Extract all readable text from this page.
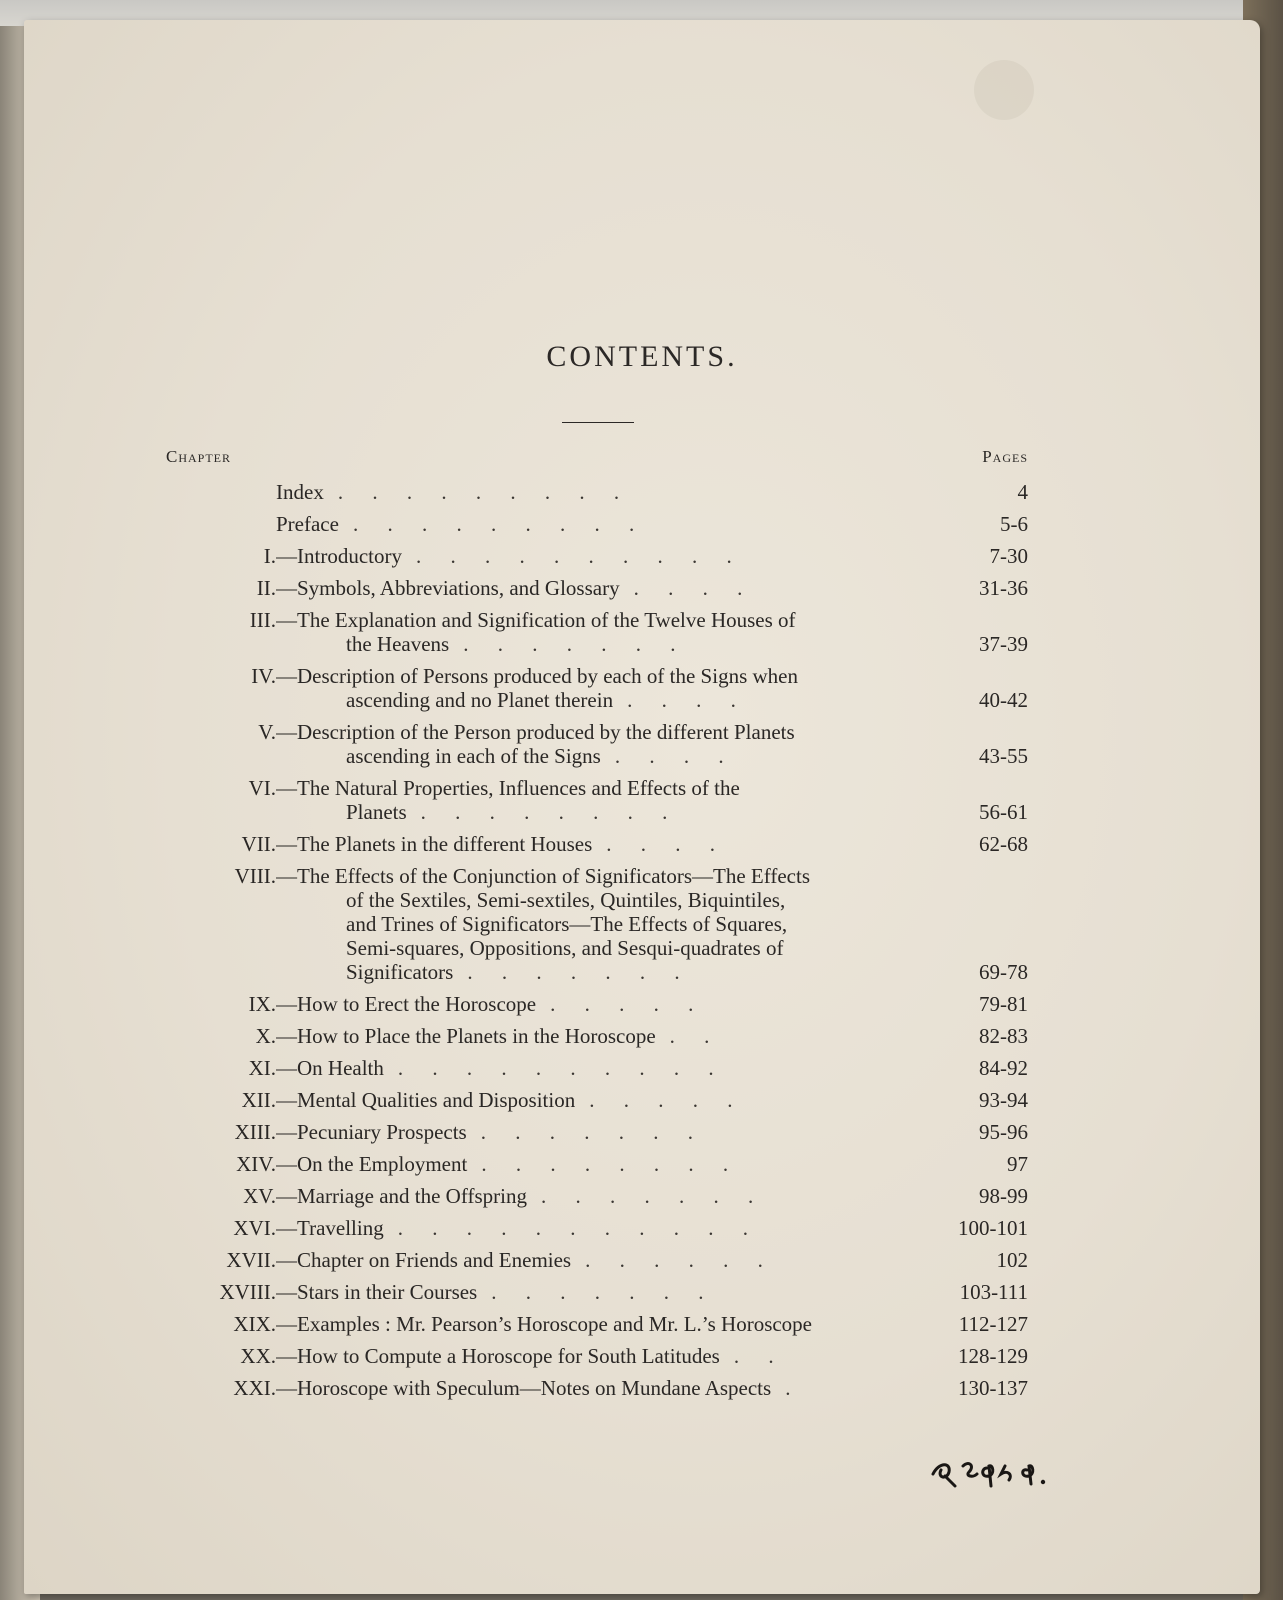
CONTENTS.
Chapter	Pages
Index . . . . . . . . .	4
Preface . . . . . . . . .	5-6
I. —Introductory . . . . . . . . . .	7-30
II. —Symbols, Abbreviations, and Glossary . . . .	31-36
III. —The Explanation and Signification of the Twelve Houses of
the Heavens . . . . . . .	37-39
IV. —Description of Persons produced by each of the Signs when
ascending and no Planet therein . . . .	40-42
V. —Description of the Person produced by the different Planets
ascending in each of the Signs . . . .	43-55
VI. —The Natural Properties, Influences and Effects of the
Planets . . . . . . . .	56-61
VII. —The Planets in the different Houses . . . .	62-68
VIII. —The Effects of the Conjunction of Significators—The Effects
of the Sextiles, Semi-sextiles, Quintiles, Biquintiles,
and Trines of Significators—The Effects of Squares,
Semi-squares, Oppositions, and Sesqui-quadrates of
Significators . . . . . . .	69-78
IX. —How to Erect the Horoscope . . . . .	79-81
X. —How to Place the Planets in the Horoscope . .	82-83
XI. —On Health . . . . . . . . . .	84-92
XII. —Mental Qualities and Disposition . . . . .	93-94
XIII. —Pecuniary Prospects . . . . . . .	95-96
XIV. —On the Employment . . . . . . . .	97
XV. —Marriage and the Offspring . . . . . . .	98-99
XVI. —Travelling . . . . . . . . . . .	100-101
XVII. —Chapter on Friends and Enemies . . . . . .	102
XVIII. —Stars in their Courses . . . . . . .	103-111
XIX. —Examples : Mr. Pearson’s Horoscope and Mr. L.’s Horoscope	112-127
XX. —How to Compute a Horoscope for South Latitudes . .	128-129
XXI. —Horoscope with Speculum—Notes on Mundane Aspects .	130-137
